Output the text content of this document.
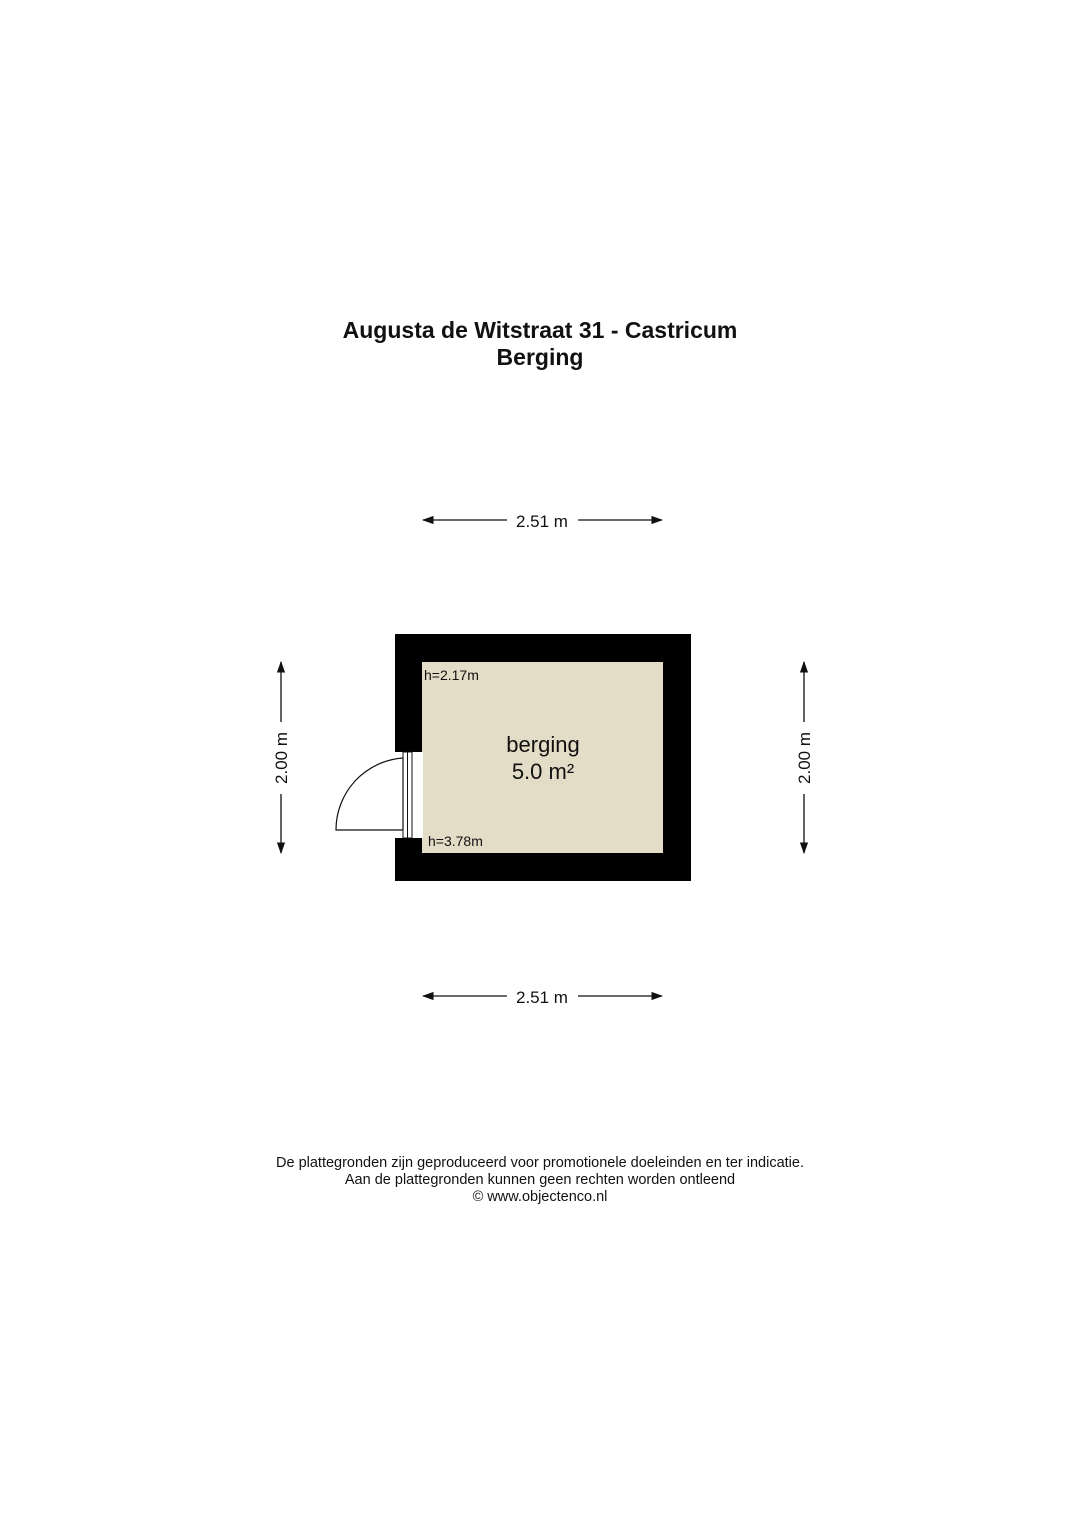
Augusta de Witstraat 31 - Castricum
Berging
berging
5.0 m²
h=2.17m
h=3.78m
2.51 m
2.51 m
2.00 m	2.00 m
De plattegronden zijn geproduceerd voor promotionele doeleinden en ter indicatie.
Aan de plattegronden kunnen geen rechten worden ontleend
© www.objectenco.nl
